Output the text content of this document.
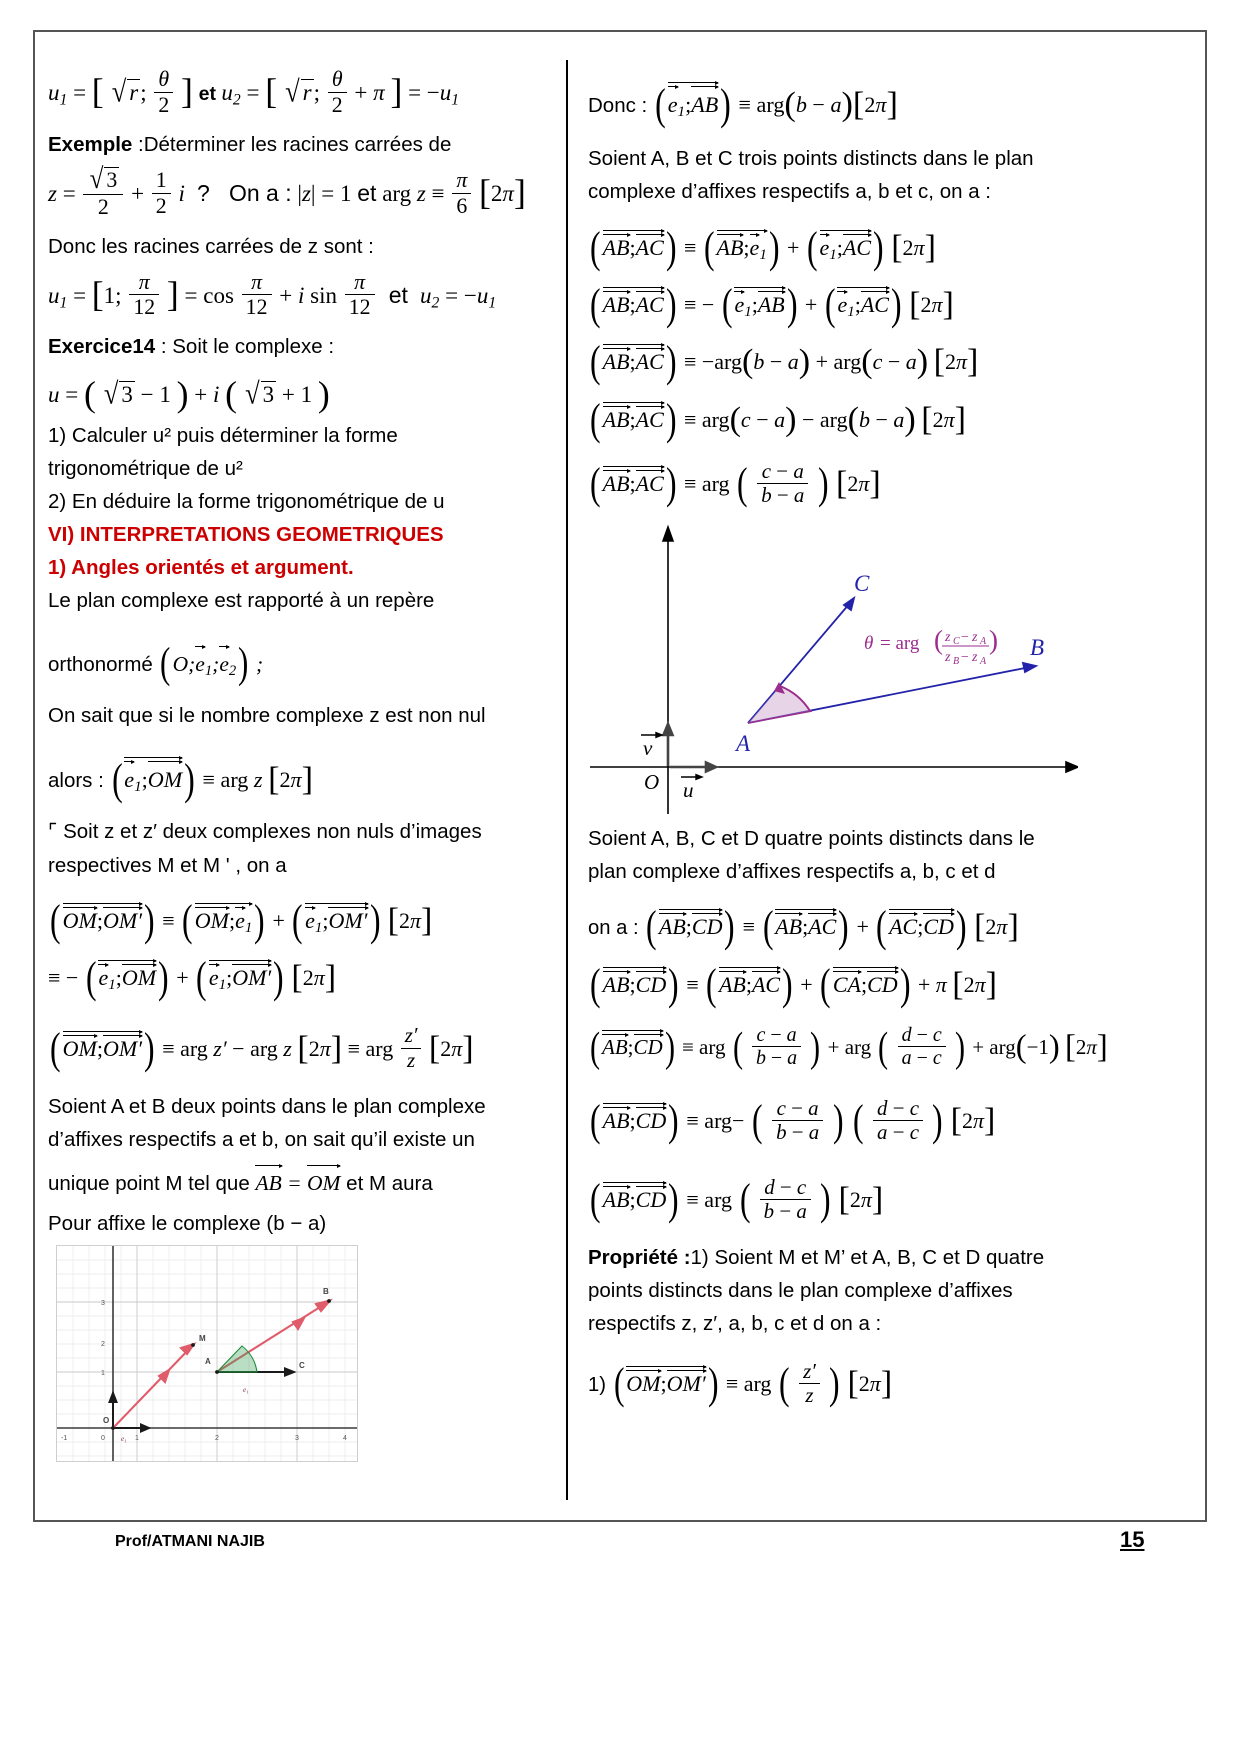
$u_1$ = [ √ r; $\frac{\theta}{2}$ ] et $u_2$ = [ √ r; $\frac{\theta}{2} + \pi$ ] = $-u_1$

Exemple :Déterminer les racines carrées de

$z = \frac{√ 3}{2} + \frac{1}{2}$ i  ?   On a : |z| = 1 et arg $z \equiv \frac{\pi}{6} [2\pi]$

Donc les racines carrées de z sont :

$u_1 = [1$; $\frac{\pi}{12}$ ] = $\cos \frac{\pi}{12} + i$ $\sin \frac{\pi}{12}$ et  $u_2 = -u_1$

Exercice14 : Soit le complexe :

u = ( √ 3 − 1 ) + i ( √ 3 + 1 )

1) Calculer u² puis déterminer la forme

trigonométrique de u²

2) En déduire la forme trigonométrique de u

VI) INTERPRETATIONS GEOMETRIQUES

1) Angles orientés et argument.

Le plan complexe est rapporté à un repère

orthonormé $(O;e_1;e_2)$ ;

On sait que si le nombre complexe z est non nul

alors : $(e_1;OM)$ ≡ arg z [2π]

⌜ Soit z et z′ deux complexes non nuls d’images

respectives M et M ' , on a

(OM;OM′) ≡ $(OM;e_1)$ + $(e_1;OM')$ [2π]
≡ − $(e_1;OM)$ + $(e_1;OM')$ [2π]
(OM;OM′) ≡ arg z′ − arg z [2π] ≡ arg $\frac{z'}{z} [2\pi]$

Soient A et B deux points dans le plan complexe

d’affixes respectifs a et b, on sait qu’il existe un

unique point M tel que AB = OM et M aura

Pour affixe le complexe (b − a)

-1	0	1	2	3	4
1
2
3
O
M
A
B
C
e₁
e₁

Donc : $(e_1;AB) \equiv arg(b - a)[2\pi]$

Soient A, B et C trois points distincts dans le plan

complexe d’affixes respectifs a, b et c, on a :

(AB;AC) ≡ $(AB;e_1)$ + $(e_1;AC)$ [2π]
(AB;AC) ≡ − $(e_1;AB)$ + $(e_1;AC)$ [2π]
(AB;AC) ≡ −arg(b − a) + arg(c − a) [2π]
(AB;AC) ≡ arg(c − a) − arg(b − a) [2π]
(AB;AC) ≡ arg ( $\frac{c - a}{b - a}$ ) [2π]
O u
v	A
B
C
θ = arg ( z C − z A
z B − z A
)

Soient A, B, C et D quatre points distincts dans le

plan complexe d’affixes respectifs a, b, c et d

on a : (AB;CD) ≡ (AB;AC) + (AC;CD) [2π]
(AB;CD) ≡ (AB;AC) + (CA;CD) + π [2π]
(AB;CD) ≡ arg ( $\frac{c - a}{b - a}$ ) + arg ( $\frac{d - c}{a - c}$ ) + arg(−1) [2π]
(AB;CD) ≡ arg− ( $\frac{c - a}{b - a}$ ) ( $\frac{d - c}{a - c}$ ) [2π]
(AB;CD) ≡ arg ( $\frac{d - c}{b - a}$ ) [2π]

Propriété :1) Soient M et M’ et A, B, C et D quatre

points distincts dans le plan complexe d’affixes

respectifs z, z′, a, b, c et d on a :

1) (OM;OM′) ≡ arg ( $\frac{z'}{z}$ ) [2π]
Prof/ATMANI NAJIB	15
